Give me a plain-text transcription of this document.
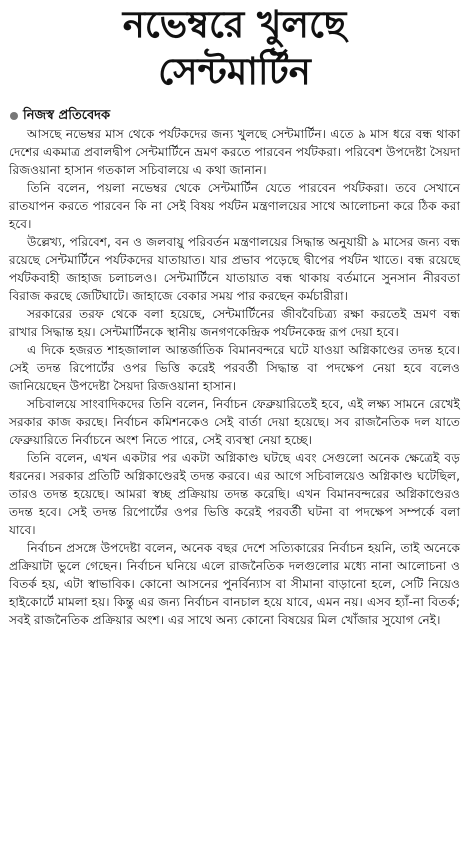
নভেম্বরে খুলছে
সেন্টমার্টিন
নিজস্ব প্রতিবেদক

আসছে নভেম্বর মাস থেকে পর্যটকদের জন্য খুলছে সেন্টমার্টিন। এতে ৯ মাস ধরে বন্ধ থাকা দেশের একমাত্র প্রবালদ্বীপ সেন্টমার্টিনে ভ্রমণ করতে পারবেন পর্যটকরা। পরিবেশ উপদেষ্টা সৈয়দা রিজওয়ানা হাসান গতকাল সচিবালয়ে এ কথা জানান।

তিনি বলেন, পয়লা নভেম্বর থেকে সেন্টমার্টিন যেতে পারবেন পর্যটকরা। তবে সেখানে রাতযাপন করতে পারবেন কি না সেই বিষয় পর্যটন মন্ত্রণালয়ের সাথে আলোচনা করে ঠিক করা হবে।

উল্লেখ্য, পরিবেশ, বন ও জলবায়ু পরিবর্তন মন্ত্রণালয়ের সিদ্ধান্ত অনুযায়ী ৯ মাসের জন্য বন্ধ রয়েছে সেন্টমার্টিনে পর্যটকদের যাতায়াত। যার প্রভাব পড়েছে দ্বীপের পর্যটন খাতে। বন্ধ রয়েছে পর্যটকবাহী জাহাজ চলাচলও। সেন্টমার্টিনে যাতায়াত বন্ধ থাকায় বর্তমানে সুনসান নীরবতা বিরাজ করছে জেটিঘাটে। জাহাজে বেকার সময় পার করছেন কর্মচারীরা।

সরকারের তরফ থেকে বলা হয়েছে, সেন্টমার্টিনের জীববৈচিত্র্য রক্ষা করতেই ভ্রমণ বন্ধ রাখার সিদ্ধান্ত হয়। সেন্টমার্টিনকে স্থানীয় জনগণকেন্দ্রিক পর্যটনকেন্দ্র রূপ দেয়া হবে।

এ দিকে হজরত শাহজালাল আন্তর্জাতিক বিমানবন্দরে ঘটে যাওয়া অগ্নিকাণ্ডের তদন্ত হবে। সেই তদন্ত রিপোর্টের ওপর ভিত্তি করেই পরবর্তী সিদ্ধান্ত বা পদক্ষেপ নেয়া হবে বলেও জানিয়েছেন উপদেষ্টা সৈয়দা রিজওয়ানা হাসান।

সচিবালয়ে সাংবাদিকদের তিনি বলেন, নির্বাচন ফেব্রুয়ারিতেই হবে, এই লক্ষ্য সামনে রেখেই সরকার কাজ করছে। নির্বাচন কমিশনকেও সেই বার্তা দেয়া হয়েছে। সব রাজনৈতিক দল যাতে ফেব্রুয়ারিতে নির্বাচনে অংশ নিতে পারে, সেই ব্যবস্থা নেয়া হচ্ছে।

তিনি বলেন, এখন একটার পর একটা অগ্নিকাণ্ড ঘটছে এবং সেগুলো অনেক ক্ষেত্রেই বড় ধরনের। সরকার প্রতিটি অগ্নিকাণ্ডেরই তদন্ত করবে। এর আগে সচিবালয়েও অগ্নিকাণ্ড ঘটেছিল, তারও তদন্ত হয়েছে। আমরা স্বচ্ছ প্রক্রিয়ায় তদন্ত করেছি। এখন বিমানবন্দরের অগ্নিকাণ্ডেরও তদন্ত হবে। সেই তদন্ত রিপোর্টের ওপর ভিত্তি করেই পরবর্তী ঘটনা বা পদক্ষেপ সম্পর্কে বলা যাবে।

নির্বাচন প্রসঙ্গে উপদেষ্টা বলেন, অনেক বছর দেশে সত্যিকারের নির্বাচন হয়নি, তাই অনেকে প্রক্রিয়াটা ভুলে গেছেন। নির্বাচন ঘনিয়ে এলে রাজনৈতিক দলগুলোর মধ্যে নানা আলোচনা ও বিতর্ক হয়, এটা স্বাভাবিক। কোনো আসনের পুনর্বিন্যাস বা সীমানা বাড়ানো হলে, সেটি নিয়েও হাইকোর্টে মামলা হয়। কিন্তু এর জন্য নির্বাচন বানচাল হয়ে যাবে, এমন নয়। এসব হ্যাঁ-না বিতর্ক; সবই রাজনৈতিক প্রক্রিয়ার অংশ। এর সাথে অন্য কোনো বিষয়ের মিল খোঁজার সুযোগ নেই।
